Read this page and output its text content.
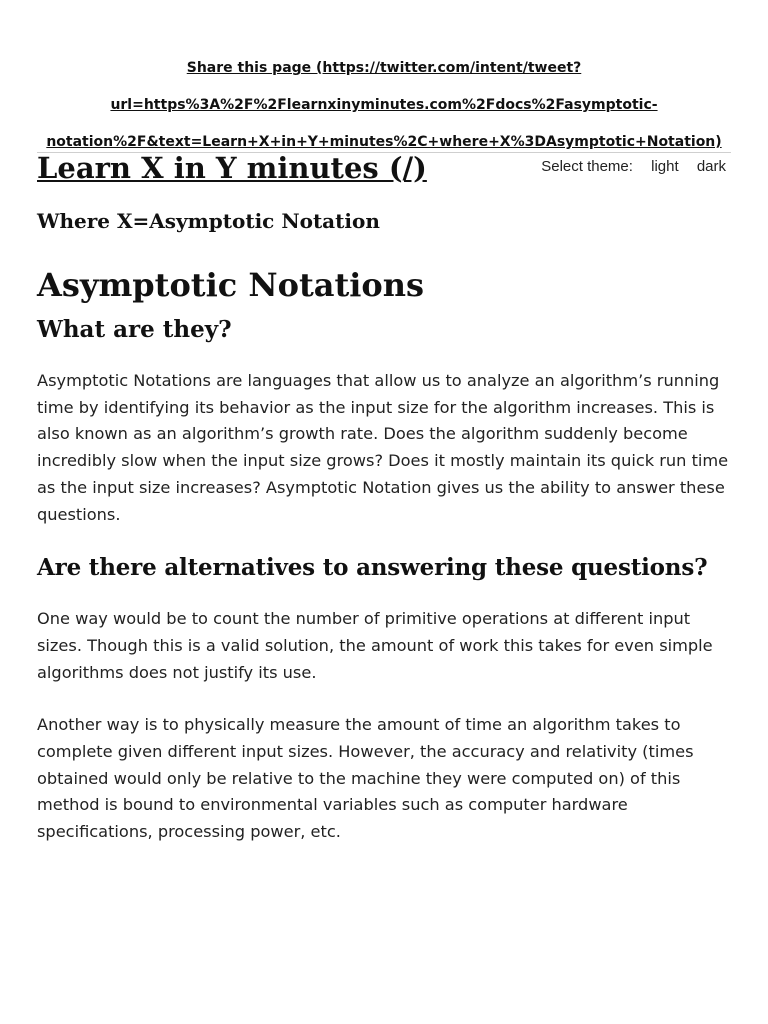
Share this page (https://twitter.com/intent/tweet?
url=https%3A%2F%2Flearnxinyminutes.com%2Fdocs%2Fasymptotic-
notation%2F&text=Learn+X+in+Y+minutes%2C+where+X%3DAsymptotic+Notation)
Learn X in Y minutes (/)	Select theme: light dark
Where X=Asymptotic Notation
Asymptotic Notations
What are they?

Asymptotic Notations are languages that allow us to analyze an algorithm’s running time by identifying its behavior as the input size for the algorithm increases. This is also known as an algorithm’s growth rate. Does the algorithm suddenly become incredibly slow when the input size grows? Does it mostly maintain its quick run time as the input size increases? Asymptotic Notation gives us the ability to answer these questions.

Are there alternatives to answering these questions?

One way would be to count the number of primitive operations at different input sizes. Though this is a valid solution, the amount of work this takes for even simple algorithms does not justify its use.

Another way is to physically measure the amount of time an algorithm takes to complete given different input sizes. However, the accuracy and relativity (times obtained would only be relative to the machine they were computed on) of this method is bound to environmental variables such as computer hardware specifications, processing power, etc.
